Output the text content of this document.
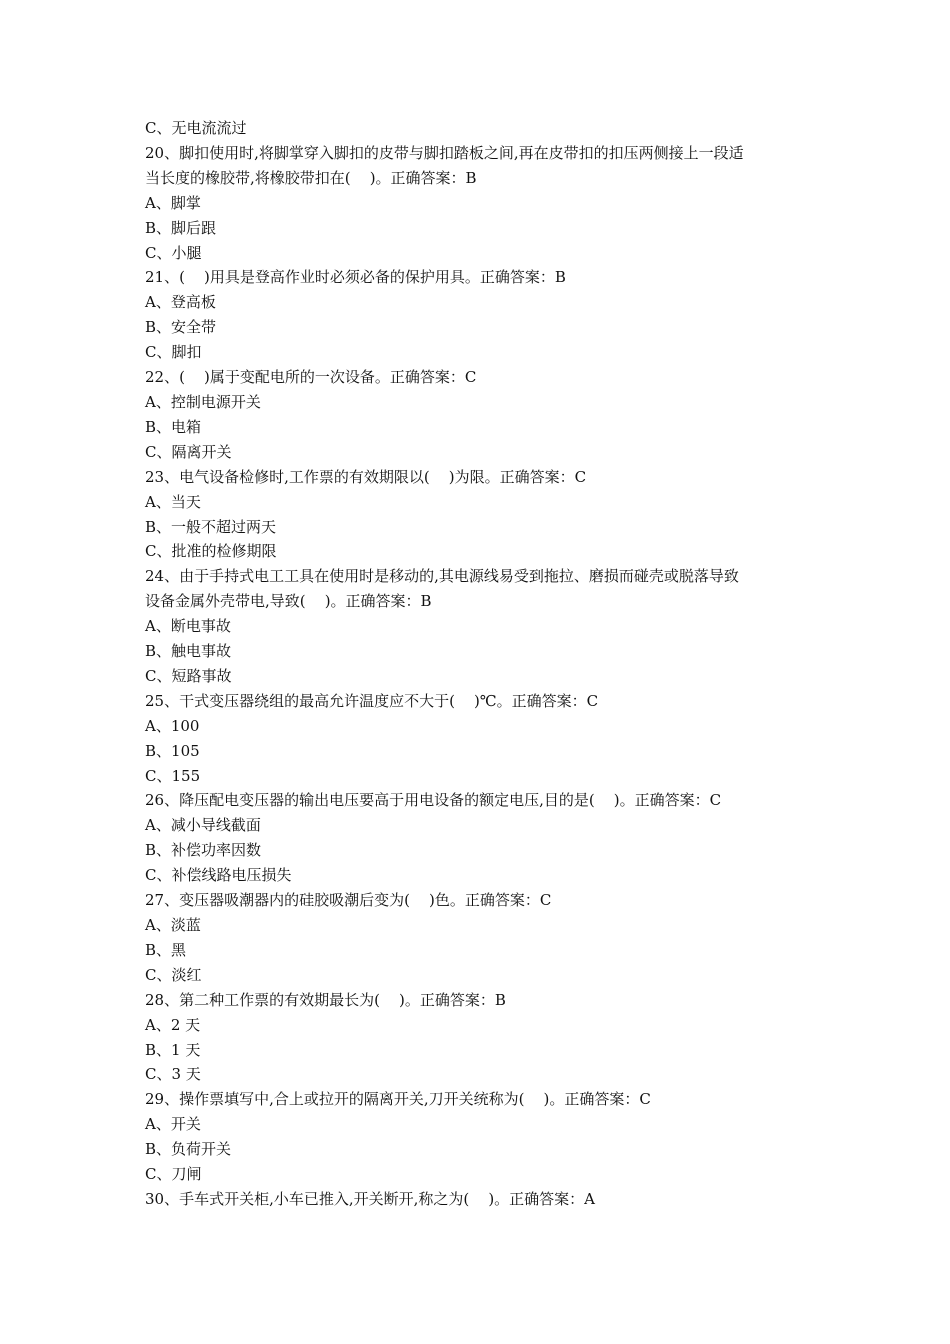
C、无电流流过

20、脚扣使用时,将脚掌穿入脚扣的皮带与脚扣踏板之间,再在皮带扣的扣压两侧接上一段适

当长度的橡胶带,将橡胶带扣在(    )。正确答案：B

A、脚掌

B、脚后跟

C、小腿

21、(    )用具是登高作业时必须必备的保护用具。正确答案：B

A、登高板

B、安全带

C、脚扣

22、(    )属于变配电所的一次设备。正确答案：C

A、控制电源开关

B、电箱

C、隔离开关

23、电气设备检修时,工作票的有效期限以(    )为限。正确答案：C

A、当天

B、一般不超过两天

C、批准的检修期限

24、由于手持式电工工具在使用时是移动的,其电源线易受到拖拉、磨损而碰壳或脱落导致

设备金属外壳带电,导致(    )。正确答案：B

A、断电事故

B、触电事故

C、短路事故

25、干式变压器绕组的最高允许温度应不大于(    )℃。正确答案：C

A、100

B、105

C、155

26、降压配电变压器的输出电压要高于用电设备的额定电压,目的是(    )。正确答案：C

A、减小导线截面

B、补偿功率因数

C、补偿线路电压损失

27、变压器吸潮器内的硅胶吸潮后变为(    )色。正确答案：C

A、淡蓝

B、黑

C、淡红

28、第二种工作票的有效期最长为(    )。正确答案：B

A、2 天

B、1 天

C、3 天

29、操作票填写中,合上或拉开的隔离开关,刀开关统称为(    )。正确答案：C

A、开关

B、负荷开关

C、刀闸

30、手车式开关柜,小车已推入,开关断开,称之为(    )。正确答案：A
